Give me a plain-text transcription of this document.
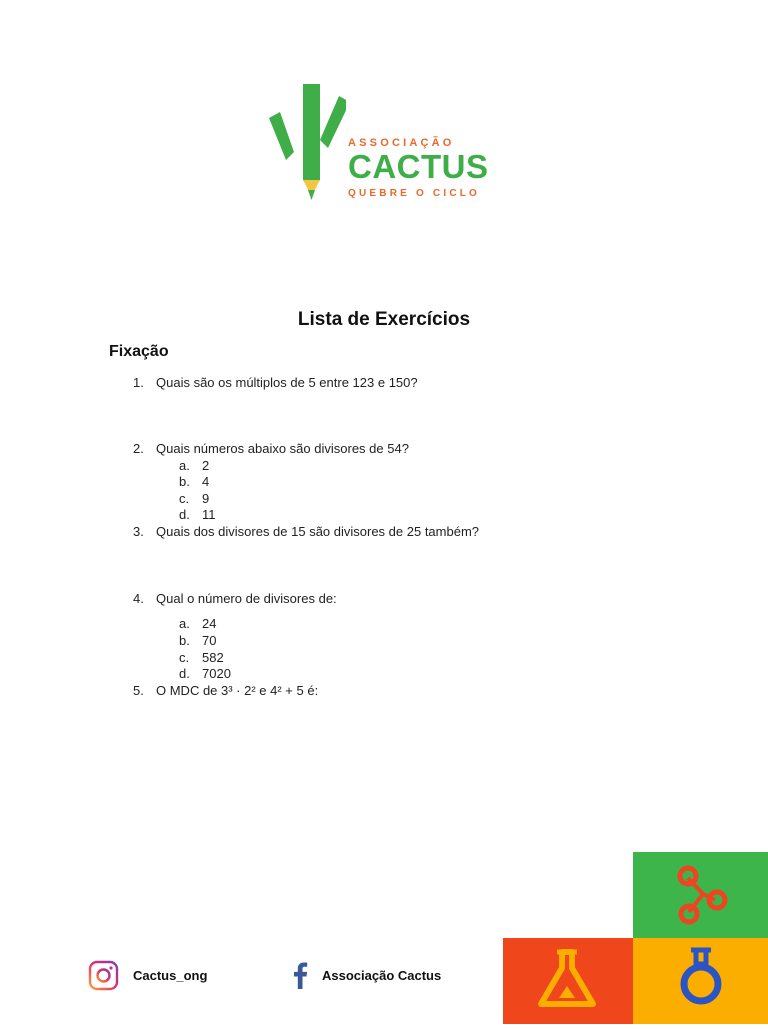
ASSOCIAÇÃO
CACTUS
QUEBRE O CICLO
Lista de Exercícios
Fixação
1. Quais são os múltiplos de 5 entre 123 e 150?
2. Quais números abaixo são divisores de 54?
a. 2
b. 4
c. 9
d. 11
3. Quais dos divisores de 15 são divisores de 25 também?
4. Qual o número de divisores de:
a. 24
b. 70
c. 582
d. 7020
5. O MDC de 3³ · 2² e 4² + 5 é:
Cactus_ong	Associação Cactus
